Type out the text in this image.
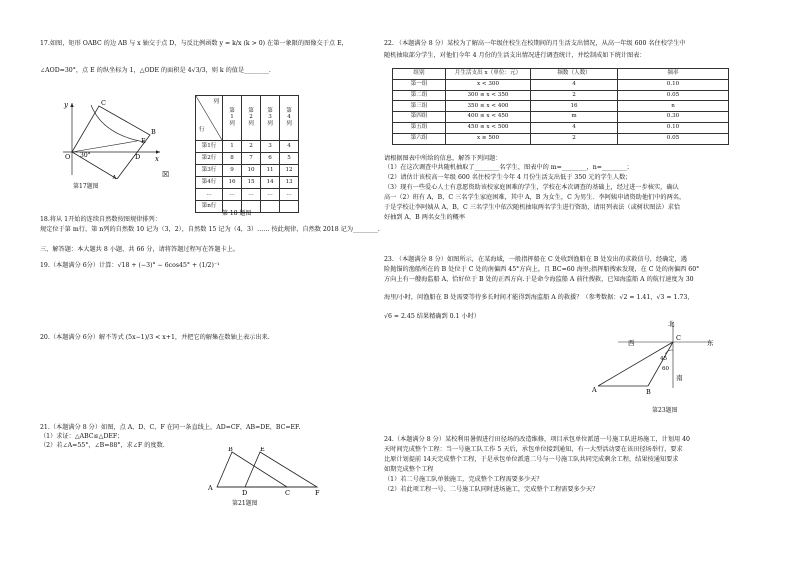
17.如图，矩形 OABC 的边 AB 与 x 轴交于点 D，与反比例函数 y = k/x (k > 0) 在第一象限的图像交于点 E，
∠AOD=30°，点 E 的纵坐标为 1，△ODE 的面积是 4√3/3，则 k 的值是________.
y
x
O
C
B
E
D
A
30°
第17题图
☒
列
行	第1列	第2列	第3列	第4列
第1行	1	2	3	4
第2行	8	7	6	5
第3行	9	10	11	12
第4行	16	15	14	13
…	…	…	…	…
第n行				
第 18 题图
18.将从 1开始的连续自然数按图规律排列：
规定位于第 m行，第 n列的自然数 10 记为（3，2），自然数 15 记为（4，3）…… 按此规律，自然数 2018 记为________.
三、解答题：本大题共 8 小题，共 66 分，请将答题过程写在答题卡上。
19.（本题满分 6分）计算：√18 + (−3)° − 6cos45° + (1/2)⁻¹
20.（本题满分 6分）解不等式 (5x−1)/3 < x+1，并把它的解集在数轴上表示出来.
21.（本题满分 8 分）如图，点 A、D、C、F 在同一条直线上，AD=CF，AB=DE，BC=EF.
（1）求证：△ABC≌△DEF；
（2）若∠A=55°，∠B=88°，求∠F 的度数.
A
B	E
D	C	F
第21题图
22. （本题满分 8 分）某校为了解高一年级住校生在校期间的月生活支出情况，从高一年级 600 名住校学生中
随机抽取部分学生，对他们今年 4 月份的生活支出情况进行调查统计，并绘制成如下统计图表：
组别	月生活支出 x（单位：元）	频数（人数）	频率
第一组	x < 300	4	0.10
第二组	300 ≤ x < 350	2	0.05
第三组	350 ≤ x < 400	16	n
第四组	400 ≤ x < 450	m	0.30
第五组	450 ≤ x < 500	4	0.10
第六组	x ≥ 500	2	0.05
请根据图表中所给的信息，解答下列问题：
（1）在这次调查中共随机抽取了________名学生，图表中的 m=________，n=________；
（2）请估计该校高一年级 600 名住校学生今年 4 月份生活支出低于 350 元的学生人数；
（3）现有一些爱心人士有意愿资助该校家庭困难的学生，学校在本次调查的基础上，经过进一步核实，确认
高一（2）班有 A，B，C 三名学生家庭困难，其中 A，B 为女生，C 为男生．李阿姨申请资助他们中的两名，
于是学校让李阿姨从 A，B，C 三名学生中依次随机抽取两名学生进行资助，请用列表法（或树状图法）求恰
好抽到 A，B 两名女生的概率
23. （本题满分 8 分）如图所示，在某海域，一般指挥船在 C 处收到渔船在 B 处发出的求救信号，经确定，遇
险抛锚的渔船所在的 B 处位于 C 处的南偏西 45°方向上，且 BC=60 海里;指挥船搜索发现，在 C 处的南偏西 60°
方向上有一艘海监船 A，恰好位于 B 处的正西方向.于是命令海监船 A 前往搜救，已知海监船 A 的航行速度为 30
海里/小时，问渔船在 B 处需要等待多长时间才能得到海监船 A 的救援？（参考数据：√2 ≈ 1.41，√3 ≈ 1.73，
√6 ≈ 2.45 结果精确到 0.1 小时）
北
西	东
南
C
A	B
45
60
第23题图
24.（本题满分 8 分）某校利用暑假进行田径场的改造维修，项目承包单位派遣一号施工队进场施工，计划用 40
天时间完成整个工程：当一号施工队工作 5 天后，承包单位接到通知，有一大型活动要在该田径场举行，要求
比原计划提前 14天完成整个工程，于是承包单位派遣二号与一号施工队共同完成剩余工程，结果按通知要求
如期完成整个工程
（1）若二号施工队单独施工，完成整个工程需要多少天？
（2）若此项工程一号、二号施工队同时进场施工，完成整个工程需要多少天？
